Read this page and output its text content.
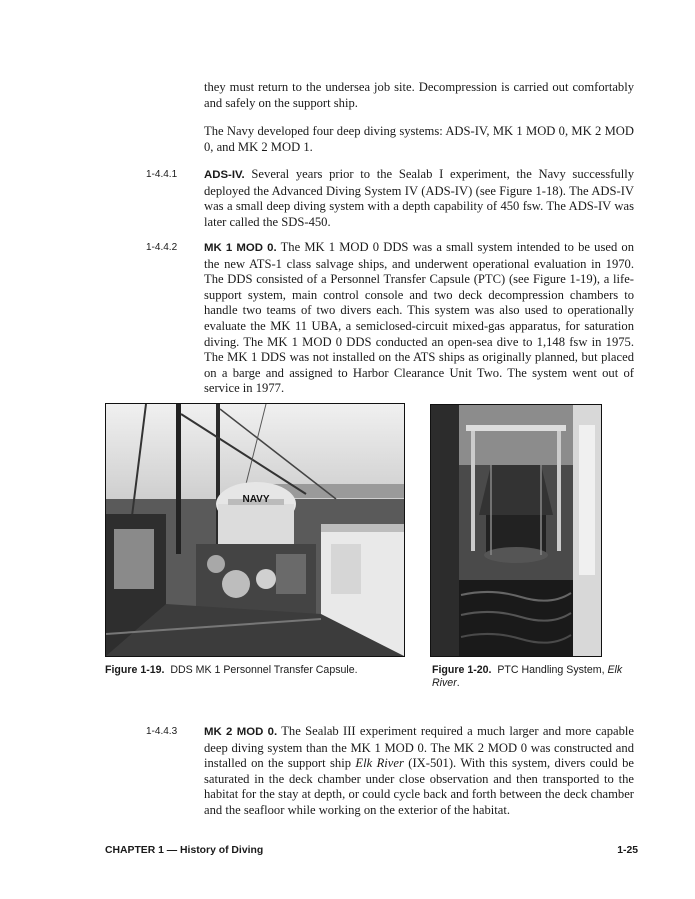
they must return to the undersea job site. Decompression is carried out comfortably and safely on the support ship.

The Navy developed four deep diving systems: ADS-IV, MK 1 MOD 0, MK 2 MOD 0, and MK 2 MOD 1.

1-4.4.1 ADS-IV. Several years prior to the Sealab I experiment, the Navy successfully deployed the Advanced Diving System IV (ADS-IV) (see Figure 1-18). The ADS-IV was a small deep diving system with a depth capability of 450 fsw. The ADS-IV was later called the SDS-450.

1-4.4.2 MK 1 MOD 0. The MK 1 MOD 0 DDS was a small system intended to be used on the new ATS-1 class salvage ships, and underwent operational evaluation in 1970. The DDS consisted of a Personnel Transfer Capsule (PTC) (see Figure 1-19), a life-support system, main control console and two deck decompression chambers to handle two teams of two divers each. This system was also used to operationally evaluate the MK 11 UBA, a semiclosed-circuit mixed-gas apparatus, for saturation diving. The MK 1 MOD 0 DDS conducted an open-sea dive to 1,148 fsw in 1975. The MK 1 DDS was not installed on the ATS ships as originally planned, but placed on a barge and assigned to Harbor Clearance Unit Two. The system went out of service in 1977.

NAVY
Figure 1-19. DDS MK 1 Personnel Transfer Capsule.	Figure 1-20. PTC Handling System, Elk River.
1-4.4.3 MK 2 MOD 0. The Sealab III experiment required a much larger and more capable deep diving system than the MK 1 MOD 0. The MK 2 MOD 0 was constructed and installed on the support ship Elk River (IX-501). With this system, divers could be saturated in the deck chamber under close observation and then transported to the habitat for the stay at depth, or could cycle back and forth between the deck chamber and the seafloor while working on the exterior of the habitat.

CHAPTER 1 — History of Diving	1-25
